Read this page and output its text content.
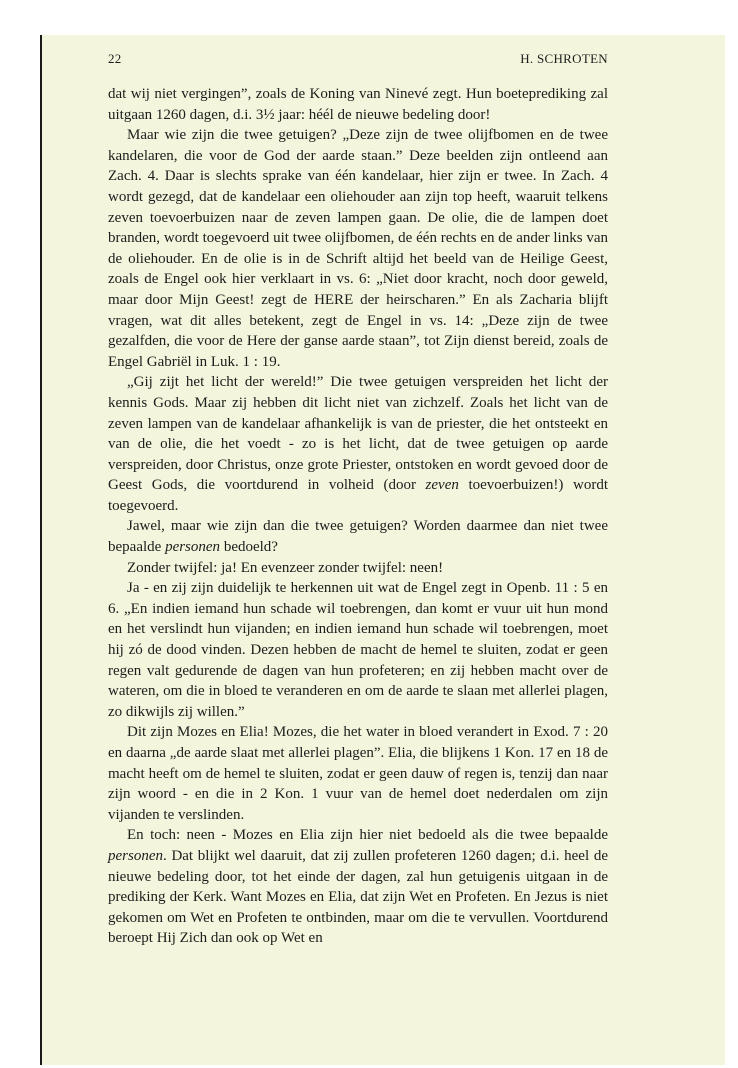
22	H. SCHROTEN

dat wij niet vergingen”, zoals de Koning van Ninevé zegt. Hun boeteprediking zal uitgaan 1260 dagen, d.i. 3½ jaar: héél de nieuwe bedeling door!

Maar wie zijn die twee getuigen? „Deze zijn de twee olijfbomen en de twee kandelaren, die voor de God der aarde staan.” Deze beelden zijn ontleend aan Zach. 4. Daar is slechts sprake van één kandelaar, hier zijn er twee. In Zach. 4 wordt gezegd, dat de kandelaar een oliehouder aan zijn top heeft, waaruit telkens zeven toevoerbuizen naar de zeven lampen gaan. De olie, die de lampen doet branden, wordt toegevoerd uit twee olijfbomen, de één rechts en de ander links van de oliehouder. En de olie is in de Schrift altijd het beeld van de Heilige Geest, zoals de Engel ook hier verklaart in vs. 6: „Niet door kracht, noch door geweld, maar door Mijn Geest! zegt de HERE der heirscharen.” En als Zacharia blijft vragen, wat dit alles betekent, zegt de Engel in vs. 14: „Deze zijn de twee gezalfden, die voor de Here der ganse aarde staan”, tot Zijn dienst bereid, zoals de Engel Gabriël in Luk. 1 : 19.

„Gij zijt het licht der wereld!” Die twee getuigen verspreiden het licht der kennis Gods. Maar zij hebben dit licht niet van zichzelf. Zoals het licht van de zeven lampen van de kandelaar afhankelijk is van de priester, die het ontsteekt en van de olie, die het voedt - zo is het licht, dat de twee getuigen op aarde verspreiden, door Christus, onze grote Priester, ontstoken en wordt gevoed door de Geest Gods, die voortdurend in volheid (door zeven toevoerbuizen!) wordt toegevoerd.

Jawel, maar wie zijn dan die twee getuigen? Worden daarmee dan niet twee bepaalde personen bedoeld?

Zonder twijfel: ja! En evenzeer zonder twijfel: neen!

Ja - en zij zijn duidelijk te herkennen uit wat de Engel zegt in Openb. 11 : 5 en 6. „En indien iemand hun schade wil toebrengen, dan komt er vuur uit hun mond en het verslindt hun vijanden; en indien iemand hun schade wil toebrengen, moet hij zó de dood vinden. Dezen hebben de macht de hemel te sluiten, zodat er geen regen valt gedurende de dagen van hun profeteren; en zij hebben macht over de wateren, om die in bloed te veranderen en om de aarde te slaan met allerlei plagen, zo dikwijls zij willen.”

Dit zijn Mozes en Elia! Mozes, die het water in bloed verandert in Exod. 7 : 20 en daarna „de aarde slaat met allerlei plagen”. Elia, die blijkens 1 Kon. 17 en 18 de macht heeft om de hemel te sluiten, zodat er geen dauw of regen is, tenzij dan naar zijn woord - en die in 2 Kon. 1 vuur van de hemel doet nederdalen om zijn vijanden te verslinden.

En toch: neen - Mozes en Elia zijn hier niet bedoeld als die twee bepaalde personen. Dat blijkt wel daaruit, dat zij zullen profeteren 1260 dagen; d.i. heel de nieuwe bedeling door, tot het einde der dagen, zal hun getuigenis uitgaan in de prediking der Kerk. Want Mozes en Elia, dat zijn Wet en Profeten. En Jezus is niet gekomen om Wet en Profeten te ontbinden, maar om die te vervullen. Voortdurend beroept Hij Zich dan ook op Wet en
